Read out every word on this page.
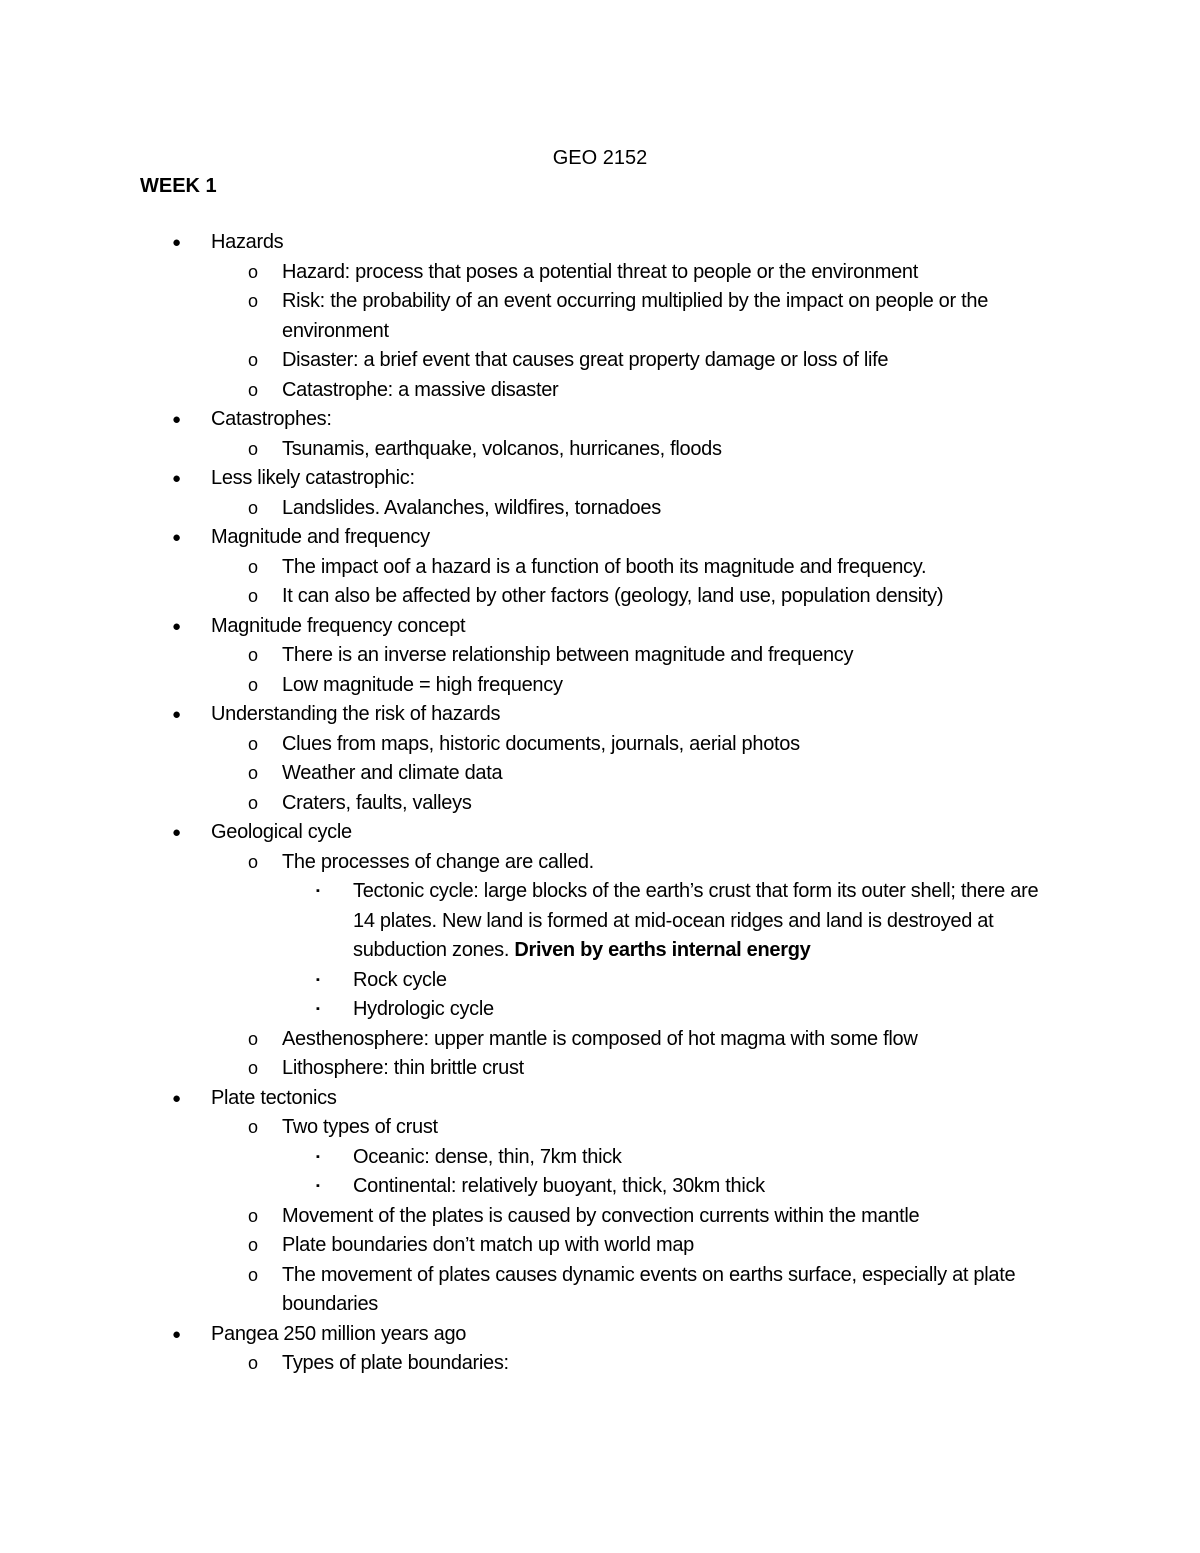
GEO 2152
WEEK 1
● Hazards
o Hazard: process that poses a potential threat to people or the environment
o Risk: the probability of an event occurring multiplied by the impact on people or the environment
o Disaster: a brief event that causes great property damage or loss of life
o Catastrophe: a massive disaster
● Catastrophes:
o Tsunamis, earthquake, volcanos, hurricanes, floods
● Less likely catastrophic:
o Landslides. Avalanches, wildfires, tornadoes
● Magnitude and frequency
o The impact oof a hazard is a function of booth its magnitude and frequency.
o It can also be affected by other factors (geology, land use, population density)
● Magnitude frequency concept
o There is an inverse relationship between magnitude and frequency
o Low magnitude = high frequency
● Understanding the risk of hazards
o Clues from maps, historic documents, journals, aerial photos
o Weather and climate data
o Craters, faults, valleys
● Geological cycle
o The processes of change are called.
▪ Tectonic cycle: large blocks of the earth’s crust that form its outer shell; there are 14 plates. New land is formed at mid-ocean ridges and land is destroyed at subduction zones. Driven by earths internal energy
▪ Rock cycle
▪ Hydrologic cycle
o Aesthenosphere: upper mantle is composed of hot magma with some flow
o Lithosphere: thin brittle crust
● Plate tectonics
o Two types of crust
▪ Oceanic: dense, thin, 7km thick
▪ Continental: relatively buoyant, thick, 30km thick
o Movement of the plates is caused by convection currents within the mantle
o Plate boundaries don’t match up with world map
o The movement of plates causes dynamic events on earths surface, especially at plate boundaries
● Pangea 250 million years ago
o Types of plate boundaries:
